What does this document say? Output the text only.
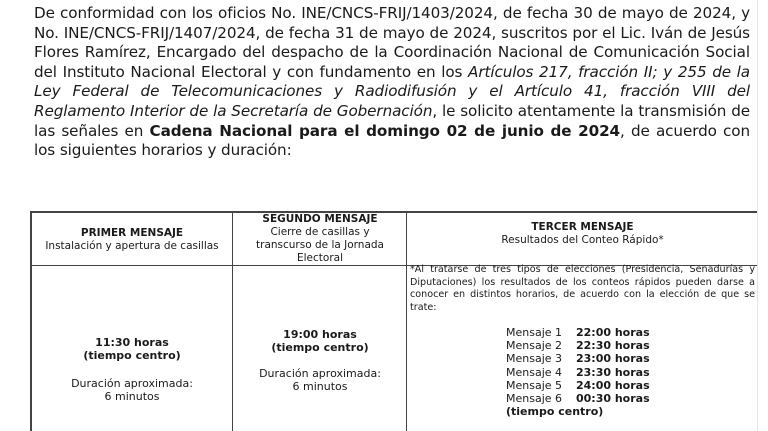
De conformidad con los oficios No. INE/CNCS-FRIJ/1403/2024, de fecha 30 de mayo de 2024, y No. INE/CNCS-FRIJ/1407/2024, de fecha 31 de mayo de 2024, suscritos por el Lic. Iván de Jesús Flores Ramírez, Encargado del despacho de la Coordinación Nacional de Comunicación Social del Instituto Nacional Electoral y con fundamento en los Artículos 217, fracción II; y 255 de la Ley Federal de Telecomunicaciones y Radiodifusión y el Artículo 41, fracción VIII del Reglamento Interior de la Secretaría de Gobernación, le solicito atentamente la transmisión de las señales en Cadena Nacional para el domingo 02 de junio de 2024, de acuerdo con los siguientes horarios y duración:
PRIMER MENSAJE
Instalación y apertura de casillas
SEGUNDO MENSAJE
Cierre de casillas y
transcurso de la Jornada
Electoral
TERCER MENSAJE
Resultados del Conteo Rápido*
11:30 horas
(tiempo centro)
Duración aproximada:
6 minutos
19:00 horas
(tiempo centro)
Duración aproximada:
6 minutos
*Al tratarse de tres tipos de elecciones (Presidencia, Senadurías y Diputaciones) los resultados de los conteos rápidos pueden darse a conocer en distintos horarios, de acuerdo con la elección de que se trate:
Mensaje 1 22:00 horas
Mensaje 2 22:30 horas
Mensaje 3 23:00 horas
Mensaje 4 23:30 horas
Mensaje 5 24:00 horas
Mensaje 6 00:30 horas
(tiempo centro)
